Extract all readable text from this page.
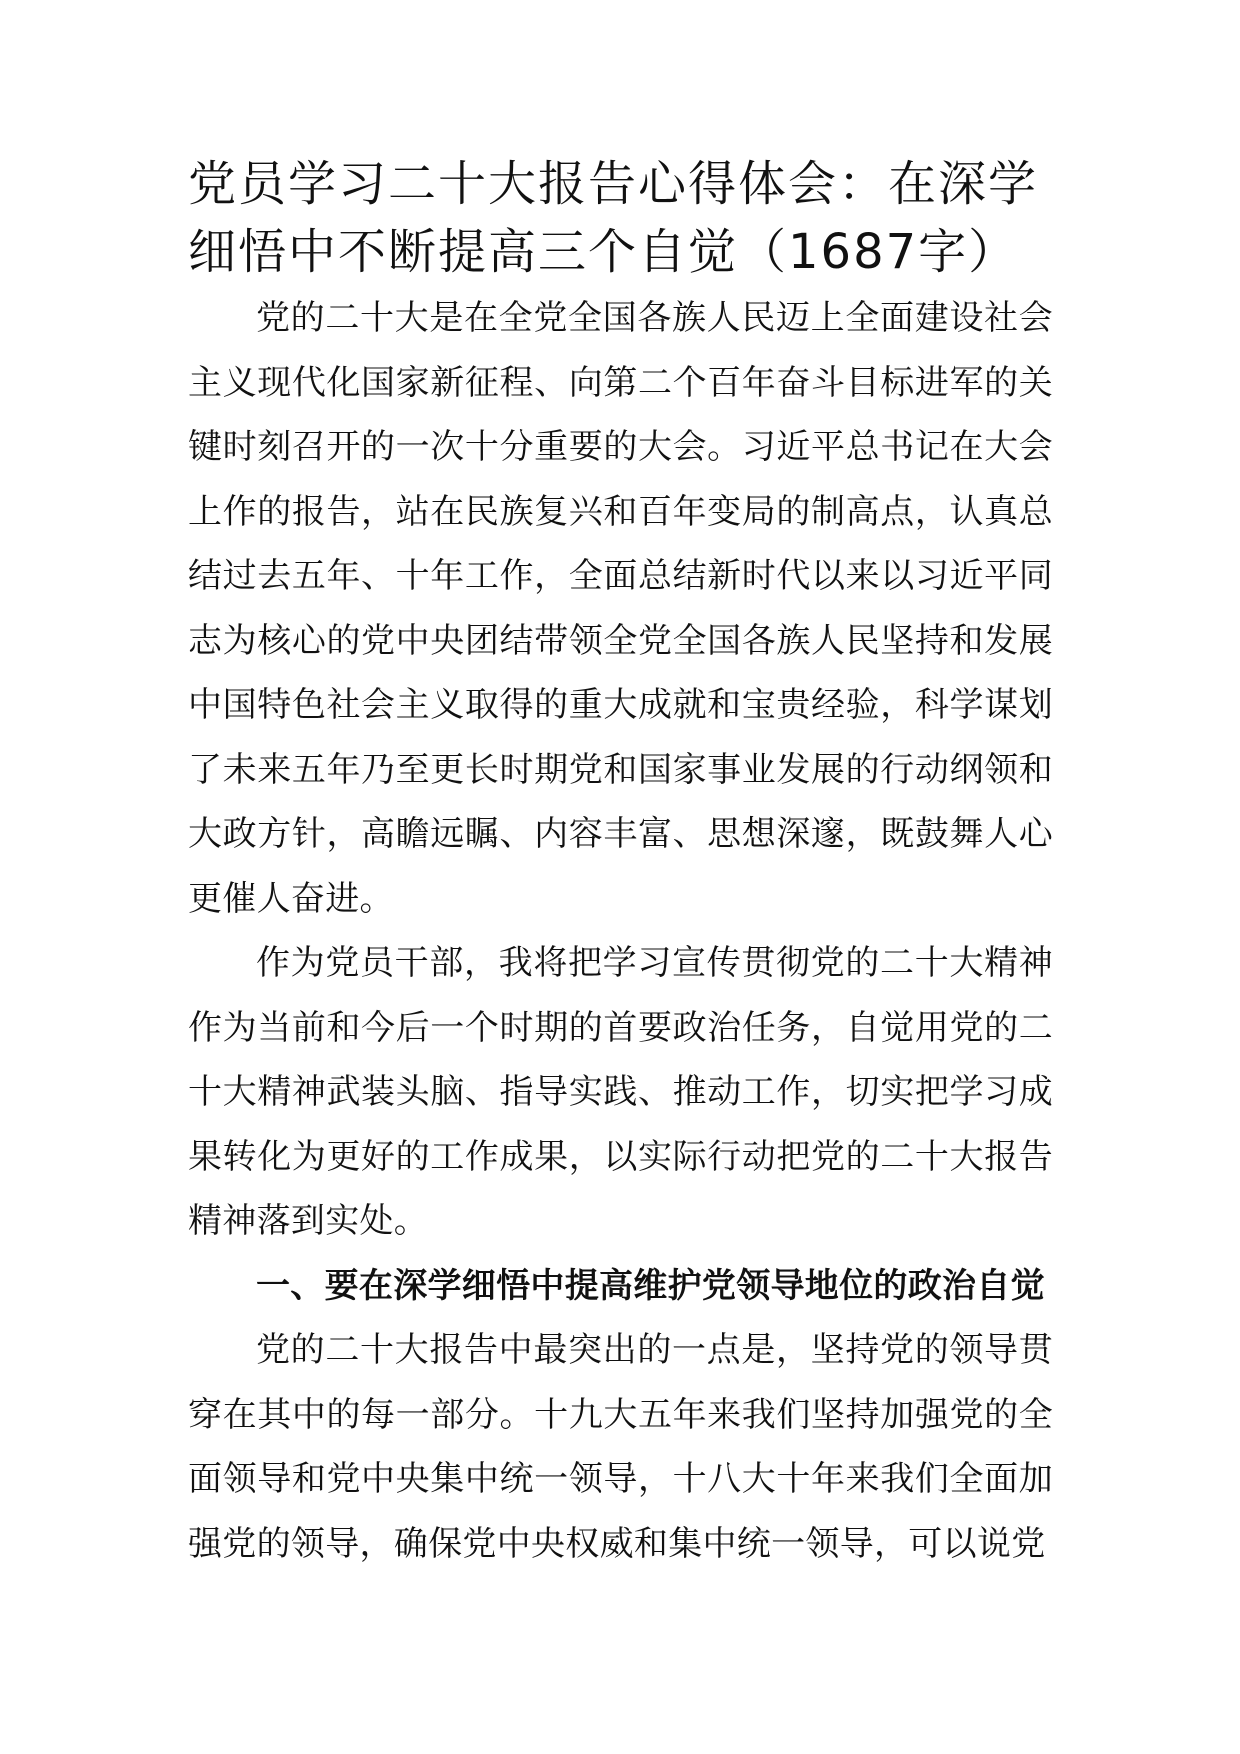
党员学习二十大报告心得体会：在深学细悟中不断提高三个自觉（1687字）

党的二十大是在全党全国各族人民迈上全面建设社会主义现代化国家新征程、向第二个百年奋斗目标进军的关键时刻召开的一次十分重要的大会。习近平总书记在大会上作的报告，站在民族复兴和百年变局的制高点，认真总结过去五年、十年工作，全面总结新时代以来以习近平同志为核心的党中央团结带领全党全国各族人民坚持和发展中国特色社会主义取得的重大成就和宝贵经验，科学谋划了未来五年乃至更长时期党和国家事业发展的行动纲领和大政方针，高瞻远瞩、内容丰富、思想深邃，既鼓舞人心更催人奋进。

作为党员干部，我将把学习宣传贯彻党的二十大精神作为当前和今后一个时期的首要政治任务，自觉用党的二十大精神武装头脑、指导实践、推动工作，切实把学习成果转化为更好的工作成果，以实际行动把党的二十大报告精神落到实处。

一、要在深学细悟中提高维护党领导地位的政治自觉

党的二十大报告中最突出的一点是，坚持党的领导贯穿在其中的每一部分。十九大五年来我们坚持加强党的全面领导和党中央集中统一领导，十八大十年来我们全面加强党的领导，确保党中央权威和集中统一领导，可以说党
